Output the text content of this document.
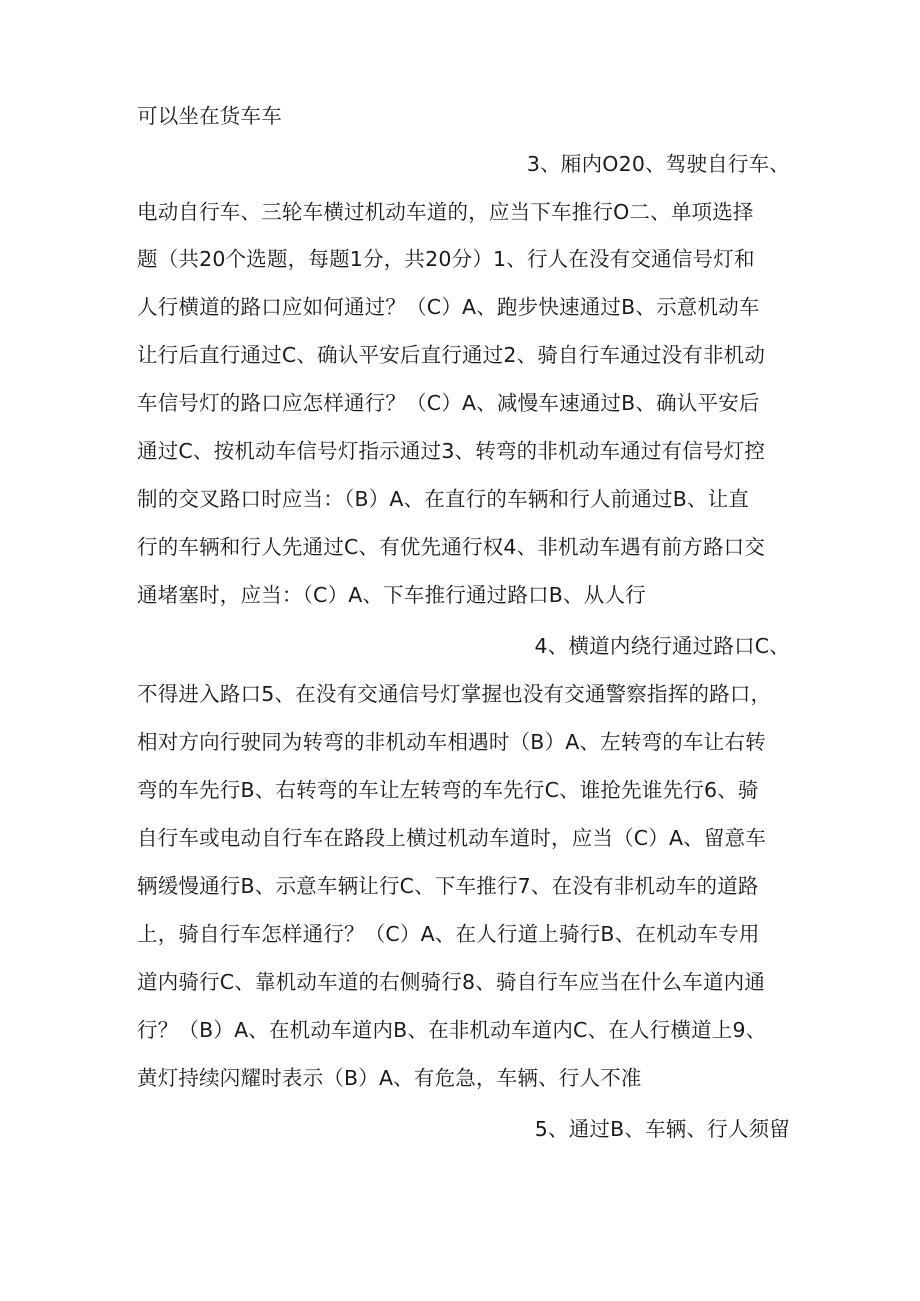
可以坐在货车车
3、厢内O20、驾驶自行车、
电动自行车、三轮车横过机动车道的，应当下车推行O二、单项选择
题（共20个选题，每题1分，共20分）1、行人在没有交通信号灯和
人行横道的路口应如何通过？（C）A、跑步快速通过B、示意机动车
让行后直行通过C、确认平安后直行通过2、骑自行车通过没有非机动
车信号灯的路口应怎样通行？（C）A、减慢车速通过B、确认平安后
通过C、按机动车信号灯指示通过3、转弯的非机动车通过有信号灯控
制的交叉路口时应当：（B）A、在直行的车辆和行人前通过B、让直
行的车辆和行人先通过C、有优先通行权4、非机动车遇有前方路口交
通堵塞时，应当：（C）A、下车推行通过路口B、从人行
4、横道内绕行通过路口C、
不得进入路口5、在没有交通信号灯掌握也没有交通警察指挥的路口，
相对方向行驶同为转弯的非机动车相遇时（B）A、左转弯的车让右转
弯的车先行B、右转弯的车让左转弯的车先行C、谁抢先谁先行6、骑
自行车或电动自行车在路段上横过机动车道时，应当（C）A、留意车
辆缓慢通行B、示意车辆让行C、下车推行7、在没有非机动车的道路
上，骑自行车怎样通行？（C）A、在人行道上骑行B、在机动车专用
道内骑行C、靠机动车道的右侧骑行8、骑自行车应当在什么车道内通
行？（B）A、在机动车道内B、在非机动车道内C、在人行横道上9、
黄灯持续闪耀时表示（B）A、有危急，车辆、行人不准
5、通过B、车辆、行人须留
